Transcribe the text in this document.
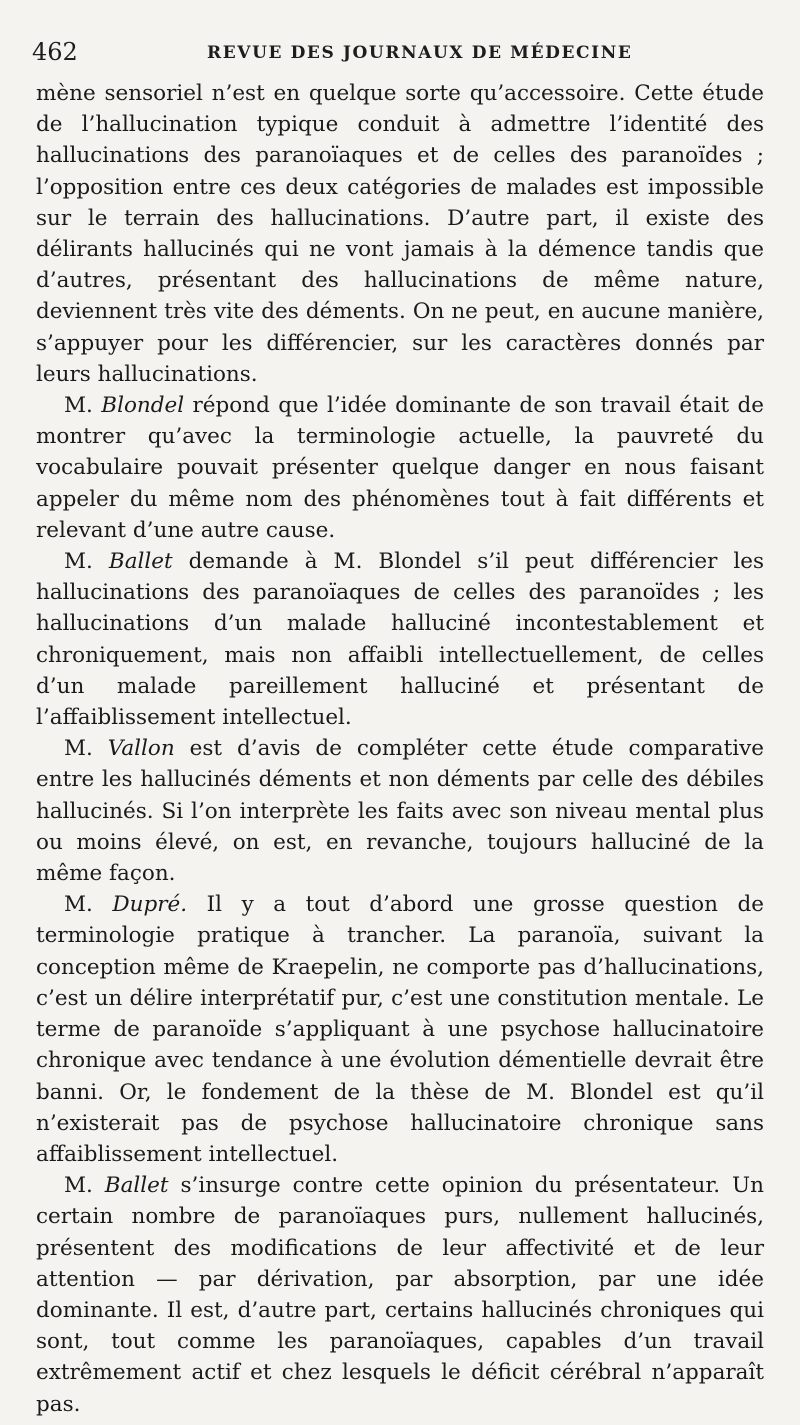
462	REVUE DES JOURNAUX DE MÉDECINE

mène sensoriel n’est en quelque sorte qu’accessoire. Cette étude de l’hallucination typique conduit à admettre l’identité des hallucinations des paranoïaques et de celles des paranoïdes ; l’opposition entre ces deux catégories de malades est impossible sur le terrain des hallucinations. D’autre part, il existe des délirants hallucinés qui ne vont jamais à la démence tandis que d’autres, présentant des hallucinations de même nature, deviennent très vite des déments. On ne peut, en aucune manière, s’appuyer pour les différencier, sur les caractères donnés par leurs hallucinations.

M. Blondel répond que l’idée dominante de son travail était de montrer qu’avec la terminologie actuelle, la pauvreté du vocabulaire pouvait présenter quelque danger en nous faisant appeler du même nom des phénomènes tout à fait différents et relevant d’une autre cause.

M. Ballet demande à M. Blondel s’il peut différencier les hallucinations des paranoïaques de celles des paranoïdes ; les hallucinations d’un malade halluciné incontestablement et chroniquement, mais non affaibli intellectuellement, de celles d’un malade pareillement halluciné et présentant de l’affaiblissement intellectuel.

M. Vallon est d’avis de compléter cette étude comparative entre les hallucinés déments et non déments par celle des débiles hallucinés. Si l’on interprète les faits avec son niveau mental plus ou moins élevé, on est, en revanche, toujours halluciné de la même façon.

M. Dupré. Il y a tout d’abord une grosse question de terminologie pratique à trancher. La paranoïa, suivant la conception même de Kraepelin, ne comporte pas d’hallucinations, c’est un délire interprétatif pur, c’est une constitution mentale. Le terme de paranoïde s’appliquant à une psychose hallucinatoire chronique avec tendance à une évolution démentielle devrait être banni. Or, le fondement de la thèse de M. Blondel est qu’il n’existerait pas de psychose hallucinatoire chronique sans affaiblissement intellectuel.

M. Ballet s’insurge contre cette opinion du présentateur. Un certain nombre de paranoïaques purs, nullement hallucinés, présentent des modifications de leur affectivité et de leur attention — par dérivation, par absorption, par une idée dominante. Il est, d’autre part, certains hallucinés chroniques qui sont, tout comme les paranoïaques, capables d’un travail extrêmement actif et chez lesquels le déficit cérébral n’apparaît pas.
